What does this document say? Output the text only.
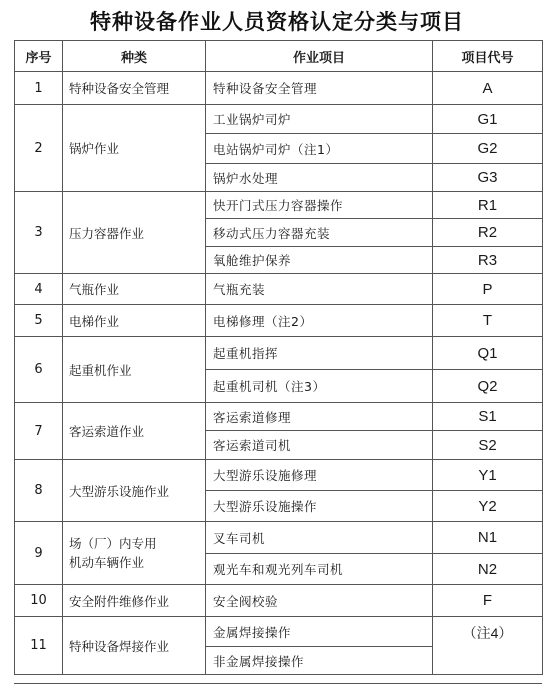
特种设备作业人员资格认定分类与项目
序号	种类	作业项目	项目代号
1	特种设备安全管理	特种设备安全管理	A
2	锅炉作业	工业锅炉司炉	G1
		电站锅炉司炉（注1）	G2
		锅炉水处理	G3
3	压力容器作业	快开门式压力容器操作	R1
		移动式压力容器充装	R2
		氧舱维护保养	R3
4	气瓶作业	气瓶充装	P
5	电梯作业	电梯修理（注2）	T
6	起重机作业	起重机指挥	Q1
		起重机司机（注3）	Q2
7	客运索道作业	客运索道修理	S1
		客运索道司机	S2
8	大型游乐设施作业	大型游乐设施修理	Y1
		大型游乐设施操作	Y2
9	场（厂）内专用
机动车辆作业	叉车司机	N1
		观光车和观光列车司机	N2
10	安全附件维修作业	安全阀校验	F
11	特种设备焊接作业	金属焊接操作	（注4）
		非金属焊接操作	
